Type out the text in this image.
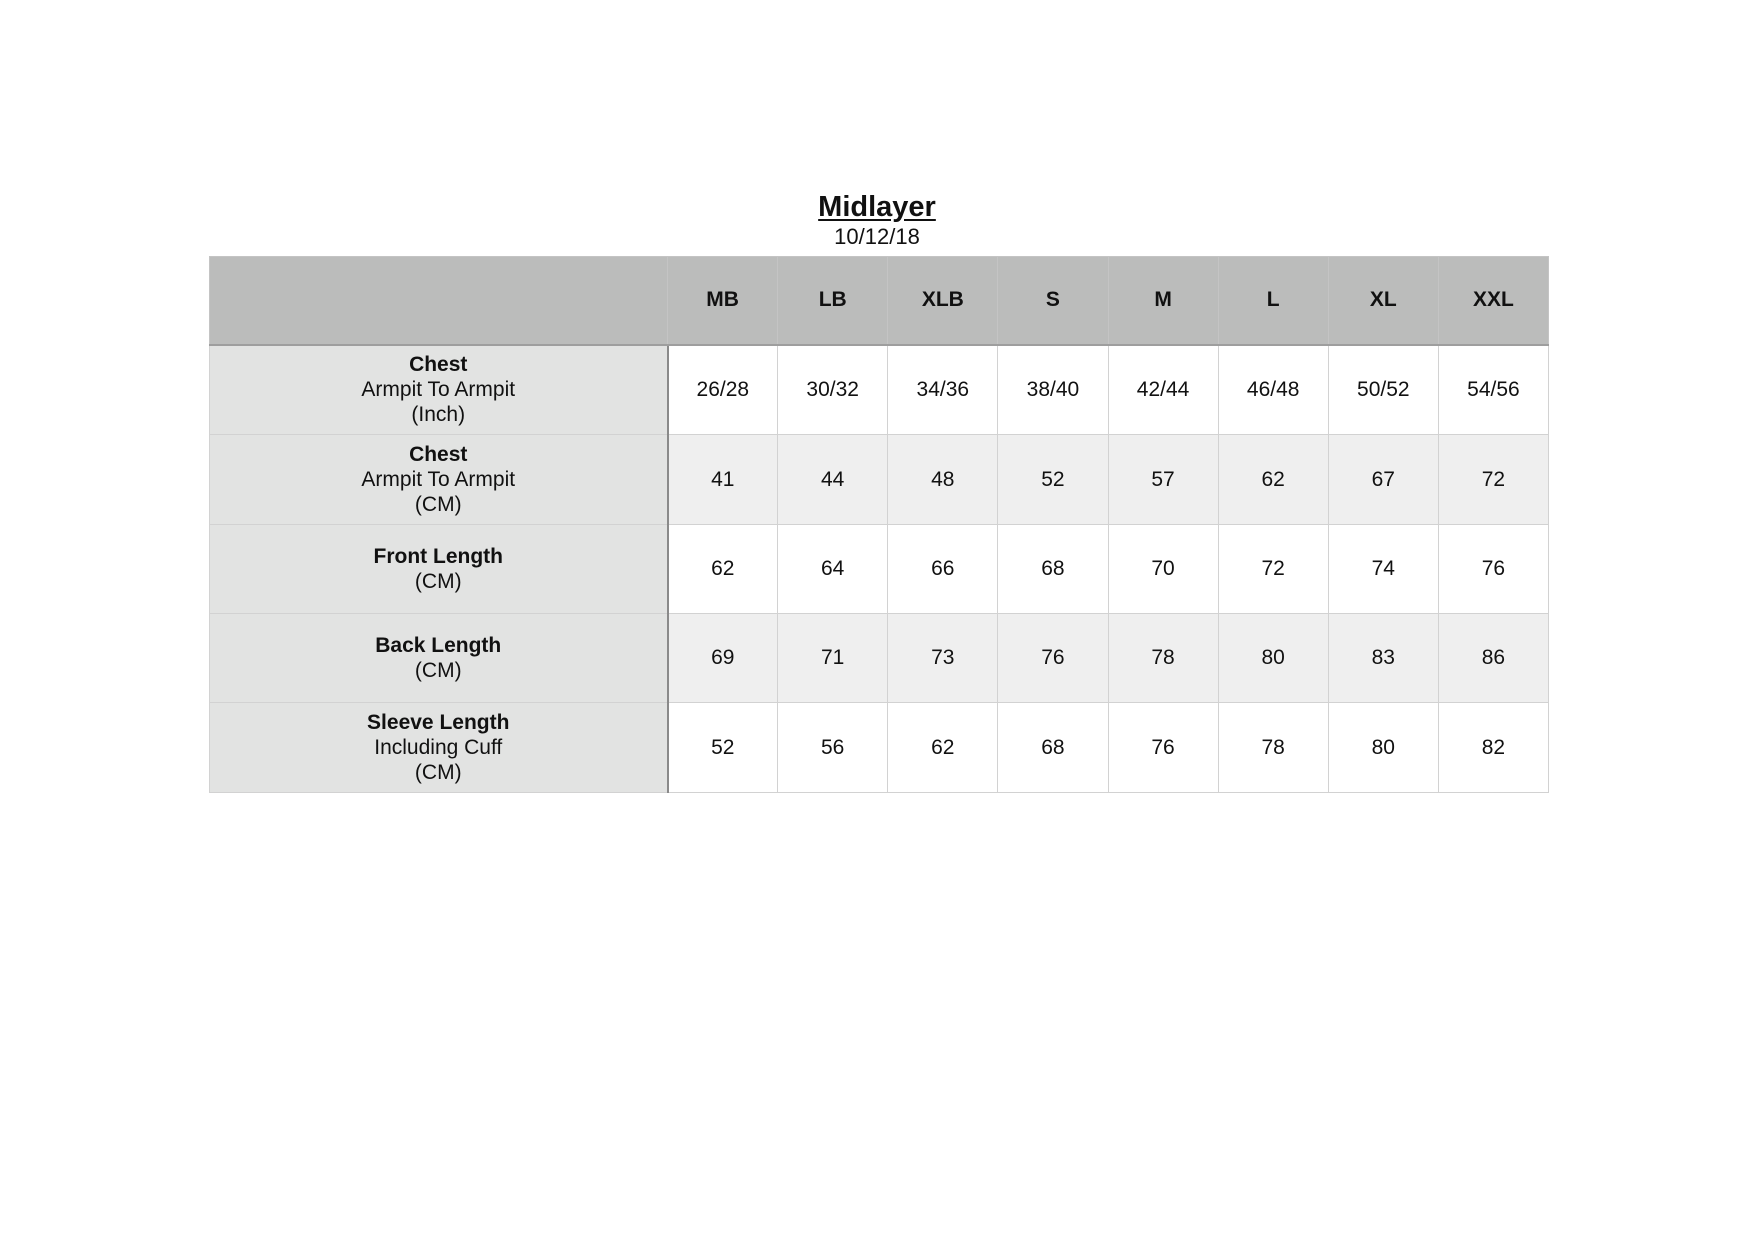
Midlayer
10/12/18
	MB	LB	XLB	S	M	L	XL	XXL

Chest
Armpit To Armpit
(Inch)	26/28	30/32	34/36	38/40	42/44	46/48	50/52	54/56

Chest
Armpit To Armpit
(CM)	41	44	48	52	57	62	67	72

Front Length
(CM)	62	64	66	68	70	72	74	76

Back Length
(CM)	69	71	73	76	78	80	83	86

Sleeve Length
Including Cuff
(CM)	52	56	62	68	76	78	80	82
